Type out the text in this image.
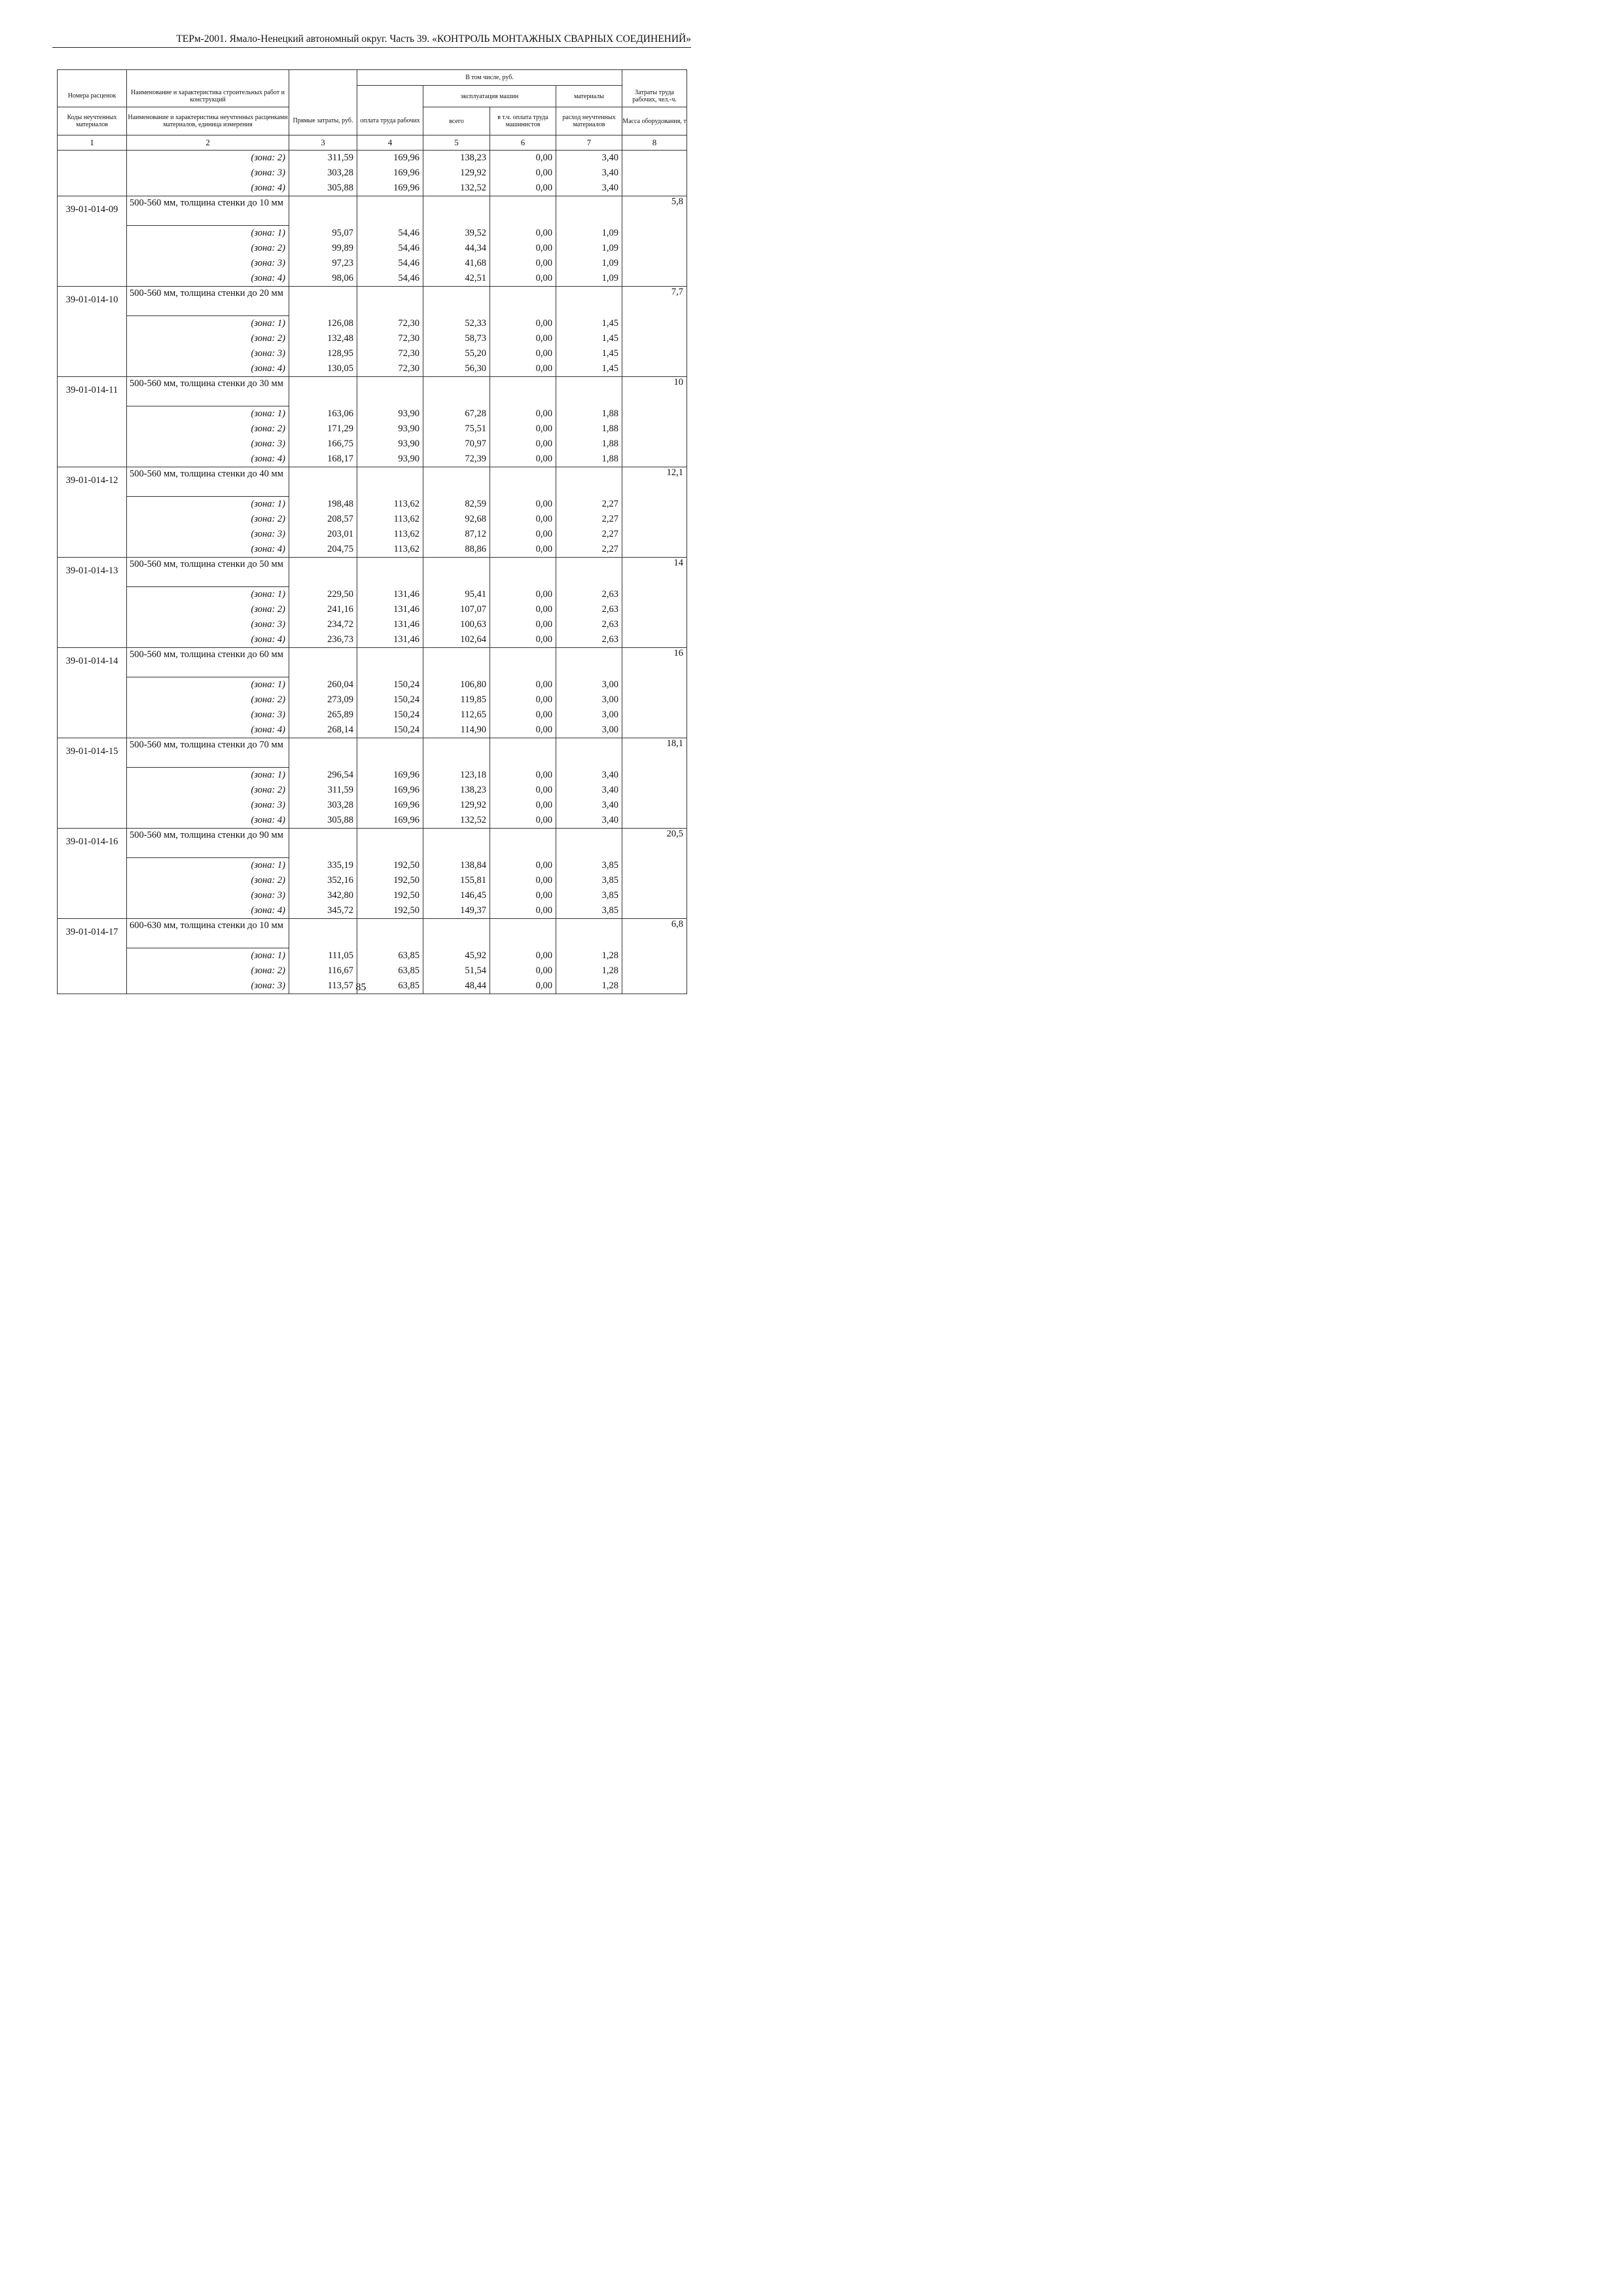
ТЕРм-2001. Ямало-Ненецкий автономный округ. Часть 39. «КОНТРОЛЬ МОНТАЖНЫХ СВАРНЫХ СОЕДИНЕНИЙ»
			В том числе, руб.				
Номера расценок	Наименование и характеристика строительных работ и конструкций			эксплуатация машин		материалы	Затраты труда рабочих, чел.-ч.
Коды неучтенных материалов	Наименование и характеристика неучтенных расценками материалов, единица измерения	Прямые затраты, руб.	оплата труда рабочих	всего	в т.ч. оплата труда машинистов	расход неучтенных материалов	Масса оборудования, т
1	2	3	4	5	6	7	8
	(зона: 2)	311,59	169,96	138,23	0,00	3,40	
	(зона: 3)	303,28	169,96	129,92	0,00	3,40	
	(зона: 4)	305,88	169,96	132,52	0,00	3,40	
39-01-014-09	500-560 мм, толщина стенки до 10 мм						5,8
	(зона: 1)	95,07	54,46	39,52	0,00	1,09	
	(зона: 2)	99,89	54,46	44,34	0,00	1,09	
	(зона: 3)	97,23	54,46	41,68	0,00	1,09	
	(зона: 4)	98,06	54,46	42,51	0,00	1,09	
39-01-014-10	500-560 мм, толщина стенки до 20 мм						7,7
	(зона: 1)	126,08	72,30	52,33	0,00	1,45	
	(зона: 2)	132,48	72,30	58,73	0,00	1,45	
	(зона: 3)	128,95	72,30	55,20	0,00	1,45	
	(зона: 4)	130,05	72,30	56,30	0,00	1,45	
39-01-014-11	500-560 мм, толщина стенки до 30 мм						10
	(зона: 1)	163,06	93,90	67,28	0,00	1,88	
	(зона: 2)	171,29	93,90	75,51	0,00	1,88	
	(зона: 3)	166,75	93,90	70,97	0,00	1,88	
	(зона: 4)	168,17	93,90	72,39	0,00	1,88	
39-01-014-12	500-560 мм, толщина стенки до 40 мм						12,1
	(зона: 1)	198,48	113,62	82,59	0,00	2,27	
	(зона: 2)	208,57	113,62	92,68	0,00	2,27	
	(зона: 3)	203,01	113,62	87,12	0,00	2,27	
	(зона: 4)	204,75	113,62	88,86	0,00	2,27	
39-01-014-13	500-560 мм, толщина стенки до 50 мм						14
	(зона: 1)	229,50	131,46	95,41	0,00	2,63	
	(зона: 2)	241,16	131,46	107,07	0,00	2,63	
	(зона: 3)	234,72	131,46	100,63	0,00	2,63	
	(зона: 4)	236,73	131,46	102,64	0,00	2,63	
39-01-014-14	500-560 мм, толщина стенки до 60 мм						16
	(зона: 1)	260,04	150,24	106,80	0,00	3,00	
	(зона: 2)	273,09	150,24	119,85	0,00	3,00	
	(зона: 3)	265,89	150,24	112,65	0,00	3,00	
	(зона: 4)	268,14	150,24	114,90	0,00	3,00	
39-01-014-15	500-560 мм, толщина стенки до 70 мм						18,1
	(зона: 1)	296,54	169,96	123,18	0,00	3,40	
	(зона: 2)	311,59	169,96	138,23	0,00	3,40	
	(зона: 3)	303,28	169,96	129,92	0,00	3,40	
	(зона: 4)	305,88	169,96	132,52	0,00	3,40	
39-01-014-16	500-560 мм, толщина стенки до 90 мм						20,5
	(зона: 1)	335,19	192,50	138,84	0,00	3,85	
	(зона: 2)	352,16	192,50	155,81	0,00	3,85	
	(зона: 3)	342,80	192,50	146,45	0,00	3,85	
	(зона: 4)	345,72	192,50	149,37	0,00	3,85	
39-01-014-17	600-630 мм, толщина стенки до 10 мм						6,8
	(зона: 1)	111,05	63,85	45,92	0,00	1,28	
	(зона: 2)	116,67	63,85	51,54	0,00	1,28	
	(зона: 3)	113,57	63,85	48,44	0,00	1,28	
85
